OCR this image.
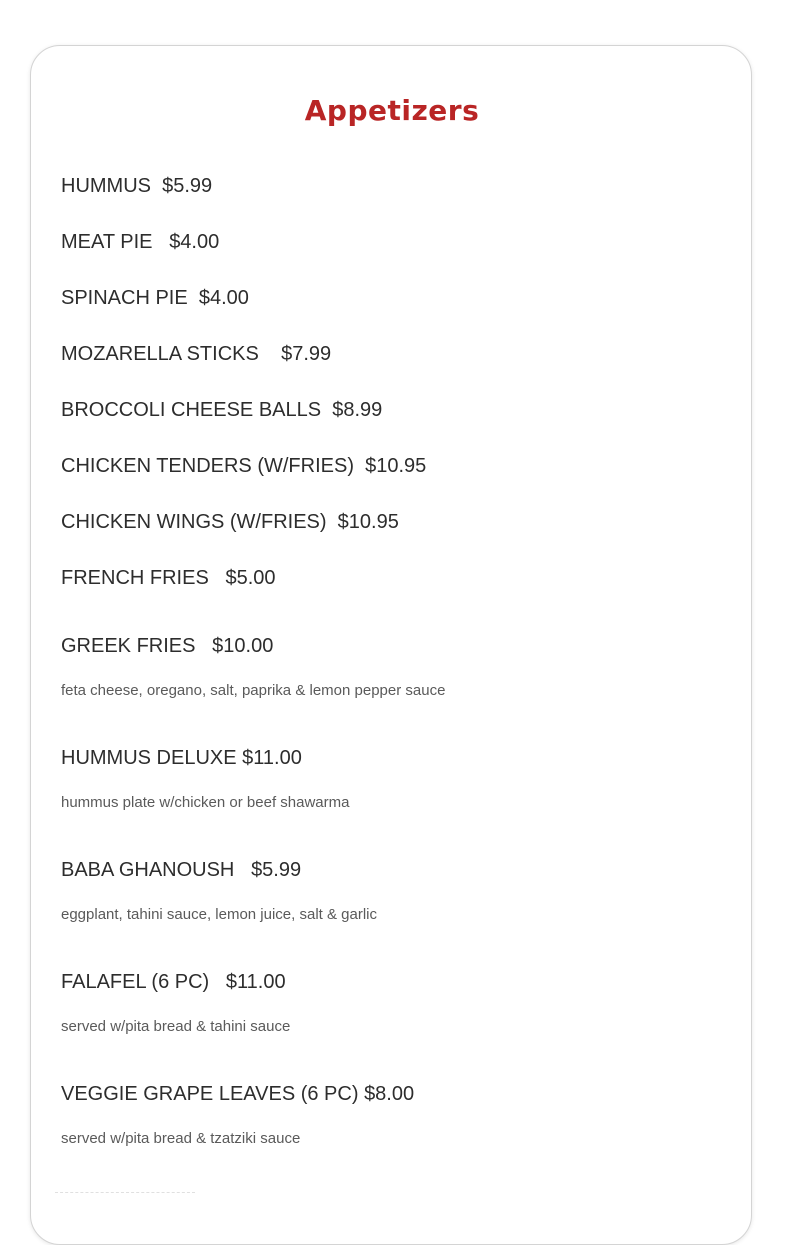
Appetizers
HUMMUS $5.99
MEAT PIE $4.00
SPINACH PIE $4.00
MOZARELLA STICKS $7.99
BROCCOLI CHEESE BALLS $8.99
CHICKEN TENDERS (W/FRIES) $10.95
CHICKEN WINGS (W/FRIES) $10.95
FRENCH FRIES $5.00
GREEK FRIES $10.00
feta cheese, oregano, salt, paprika & lemon pepper sauce
HUMMUS DELUXE $11.00
hummus plate w/chicken or beef shawarma
BABA GHANOUSH $5.99
eggplant, tahini sauce, lemon juice, salt & garlic
FALAFEL (6 PC) $11.00
served w/pita bread & tahini sauce
VEGGIE GRAPE LEAVES (6 PC) $8.00
served w/pita bread & tzatziki sauce
